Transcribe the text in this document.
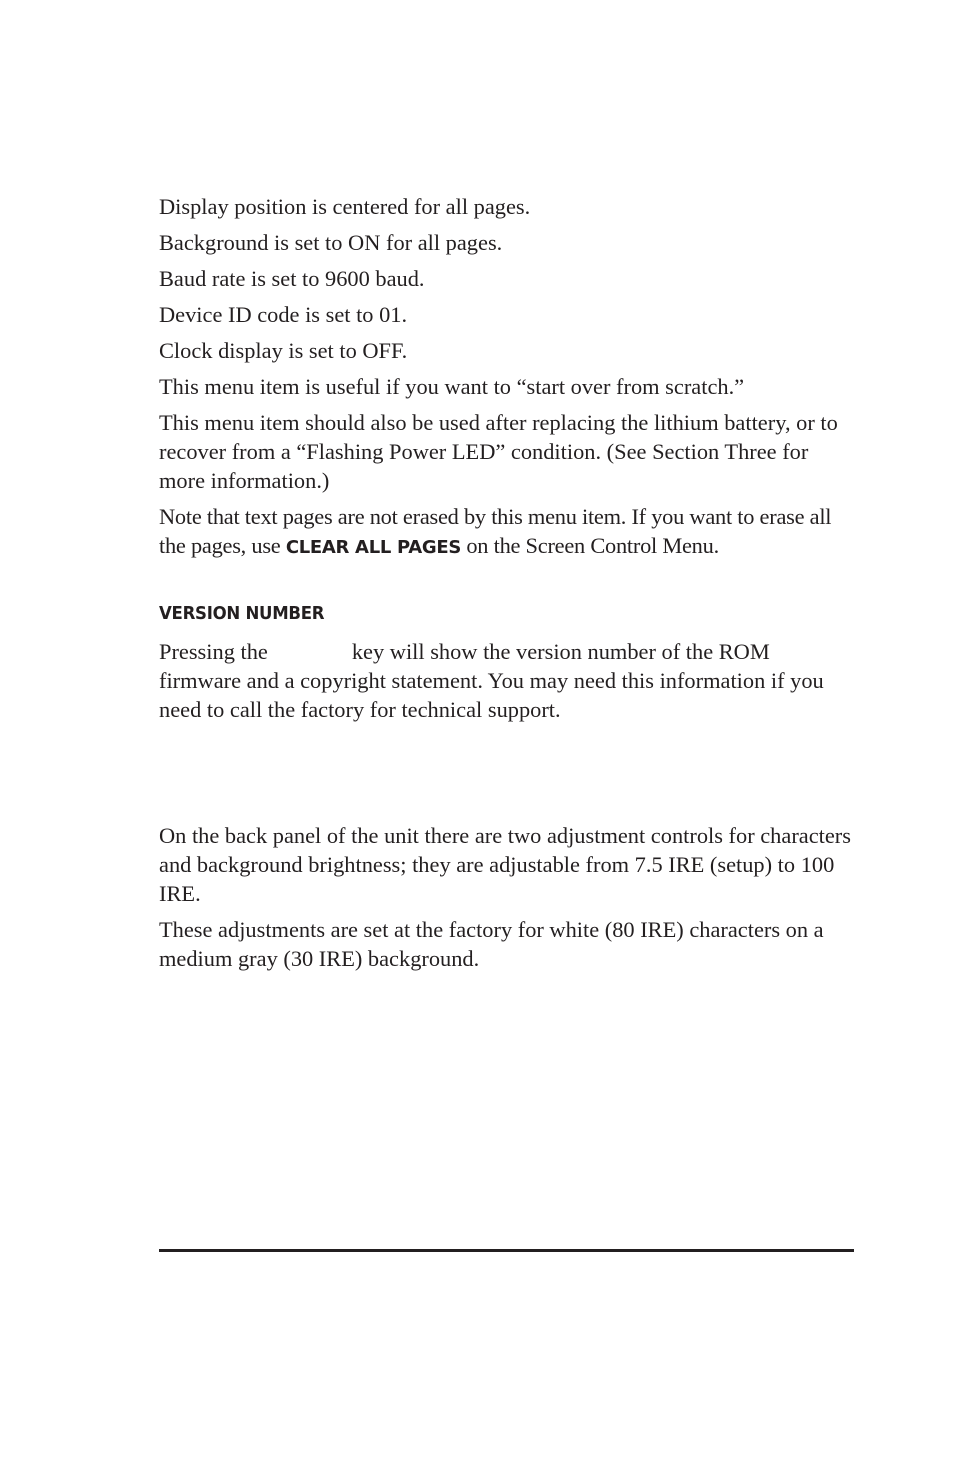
Display position is centered for all pages.

Background is set to ON for all pages.

Baud rate is set to 9600 baud.

Device ID code is set to 01.

Clock display is set to OFF.

This menu item is useful if you want to “start over from scratch.”

This menu item should also be used after replacing the lithium battery, or to recover from a “Flashing Power LED” condition. (See Section Three for more information.)

Note that text pages are not erased by this menu item. If you want to erase all the pages, use CLEAR ALL PAGES on the Screen Control Menu.

VERSION NUMBER

Pressing the	key will show the version number of the ROM firmware and a copyright statement. You may need this information if you need to call the factory for technical support.

On the back panel of the unit there are two adjustment controls for characters and background brightness; they are adjustable from 7.5 IRE (setup) to 100 IRE.

These adjustments are set at the factory for white (80 IRE) characters on a medium gray (30 IRE) background.
